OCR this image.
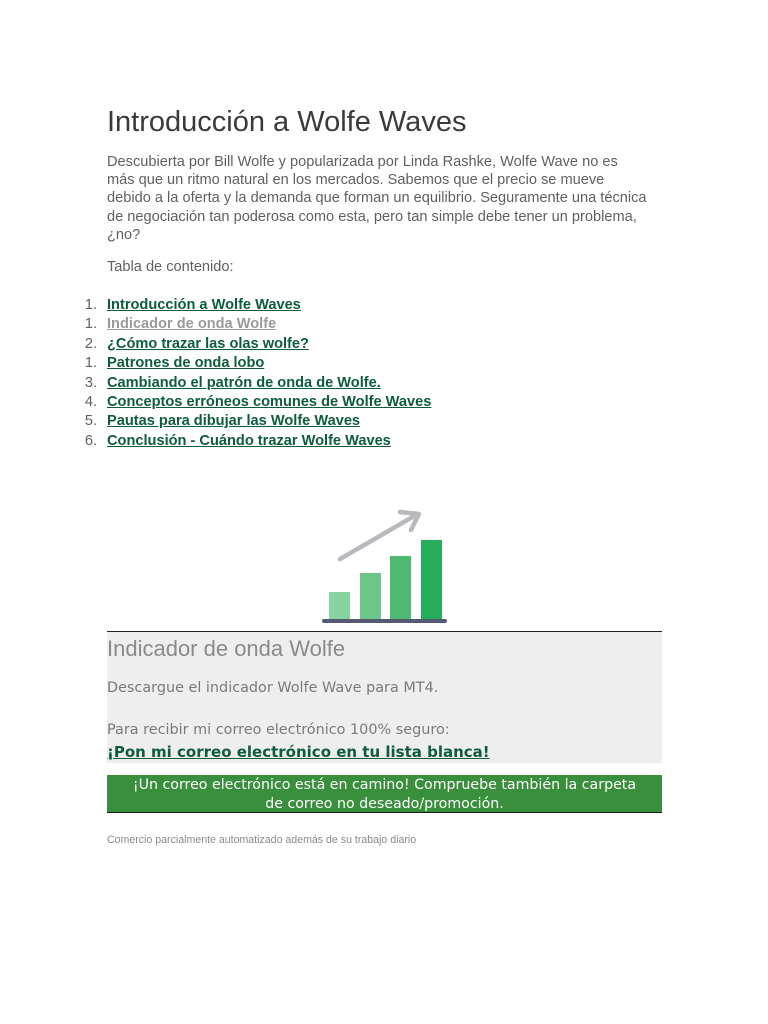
Introducción a Wolfe Waves

Descubierta por Bill Wolfe y popularizada por Linda Rashke, Wolfe Wave no es más que un ritmo natural en los mercados. Sabemos que el precio se mueve debido a la oferta y la demanda que forman un equilibrio. Seguramente una técnica de negociación tan poderosa como esta, pero tan simple debe tener un problema, ¿no?

Tabla de contenido:

1. Introducción a Wolfe Waves
1. Indicador de onda Wolfe
2. ¿Cómo trazar las olas wolfe?
1. Patrones de onda lobo
3. Cambiando el patrón de onda de Wolfe.
4. Conceptos erróneos comunes de Wolfe Waves
5. Pautas para dibujar las Wolfe Waves
6. Conclusión - Cuándo trazar Wolfe Waves
Indicador de onda Wolfe

Descargue el indicador Wolfe Wave para MT4.

Para recibir mi correo electrónico 100% seguro:

¡Pon mi correo electrónico en tu lista blanca!
¡Un correo electrónico está en camino! Compruebe también la carpeta
de correo no deseado/promoción.
Comercio parcialmente automatizado además de su trabajo diario
